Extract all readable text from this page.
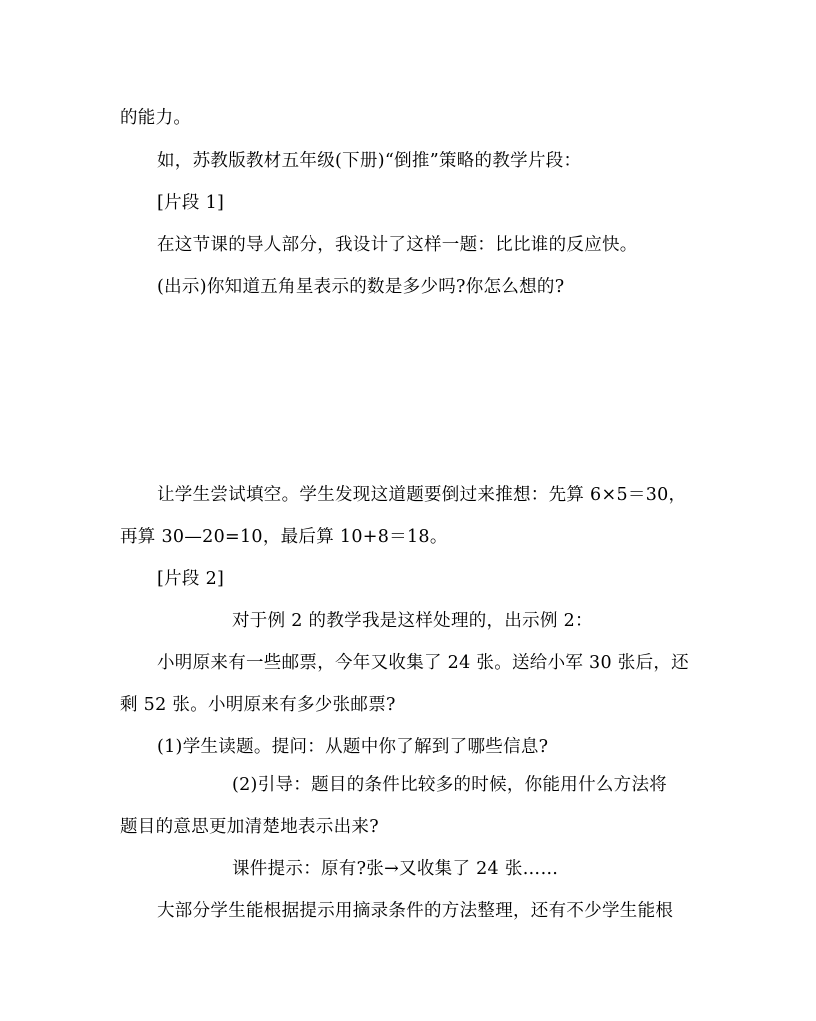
的能力。
如，苏教版教材五年级(下册)“倒推”策略的教学片段：
[片段 1]
在这节课的导人部分，我设计了这样一题：比比谁的反应快。
(出示)你知道五角星表示的数是多少吗?你怎么想的?
让学生尝试填空。学生发现这道题要倒过来推想：先算 6×5＝30，
再算 30—20=10，最后算 10+8＝18。
[片段 2]
对于例 2 的教学我是这样处理的，出示例 2：
小明原来有一些邮票，今年又收集了 24 张。送给小军 30 张后，还
剩 52 张。小明原来有多少张邮票?
(1)学生读题。提问：从题中你了解到了哪些信息?
(2)引导：题目的条件比较多的时候，你能用什么方法将
题目的意思更加清楚地表示出来?
课件提示：原有?张→又收集了 24 张……
大部分学生能根据提示用摘录条件的方法整理，还有不少学生能根
